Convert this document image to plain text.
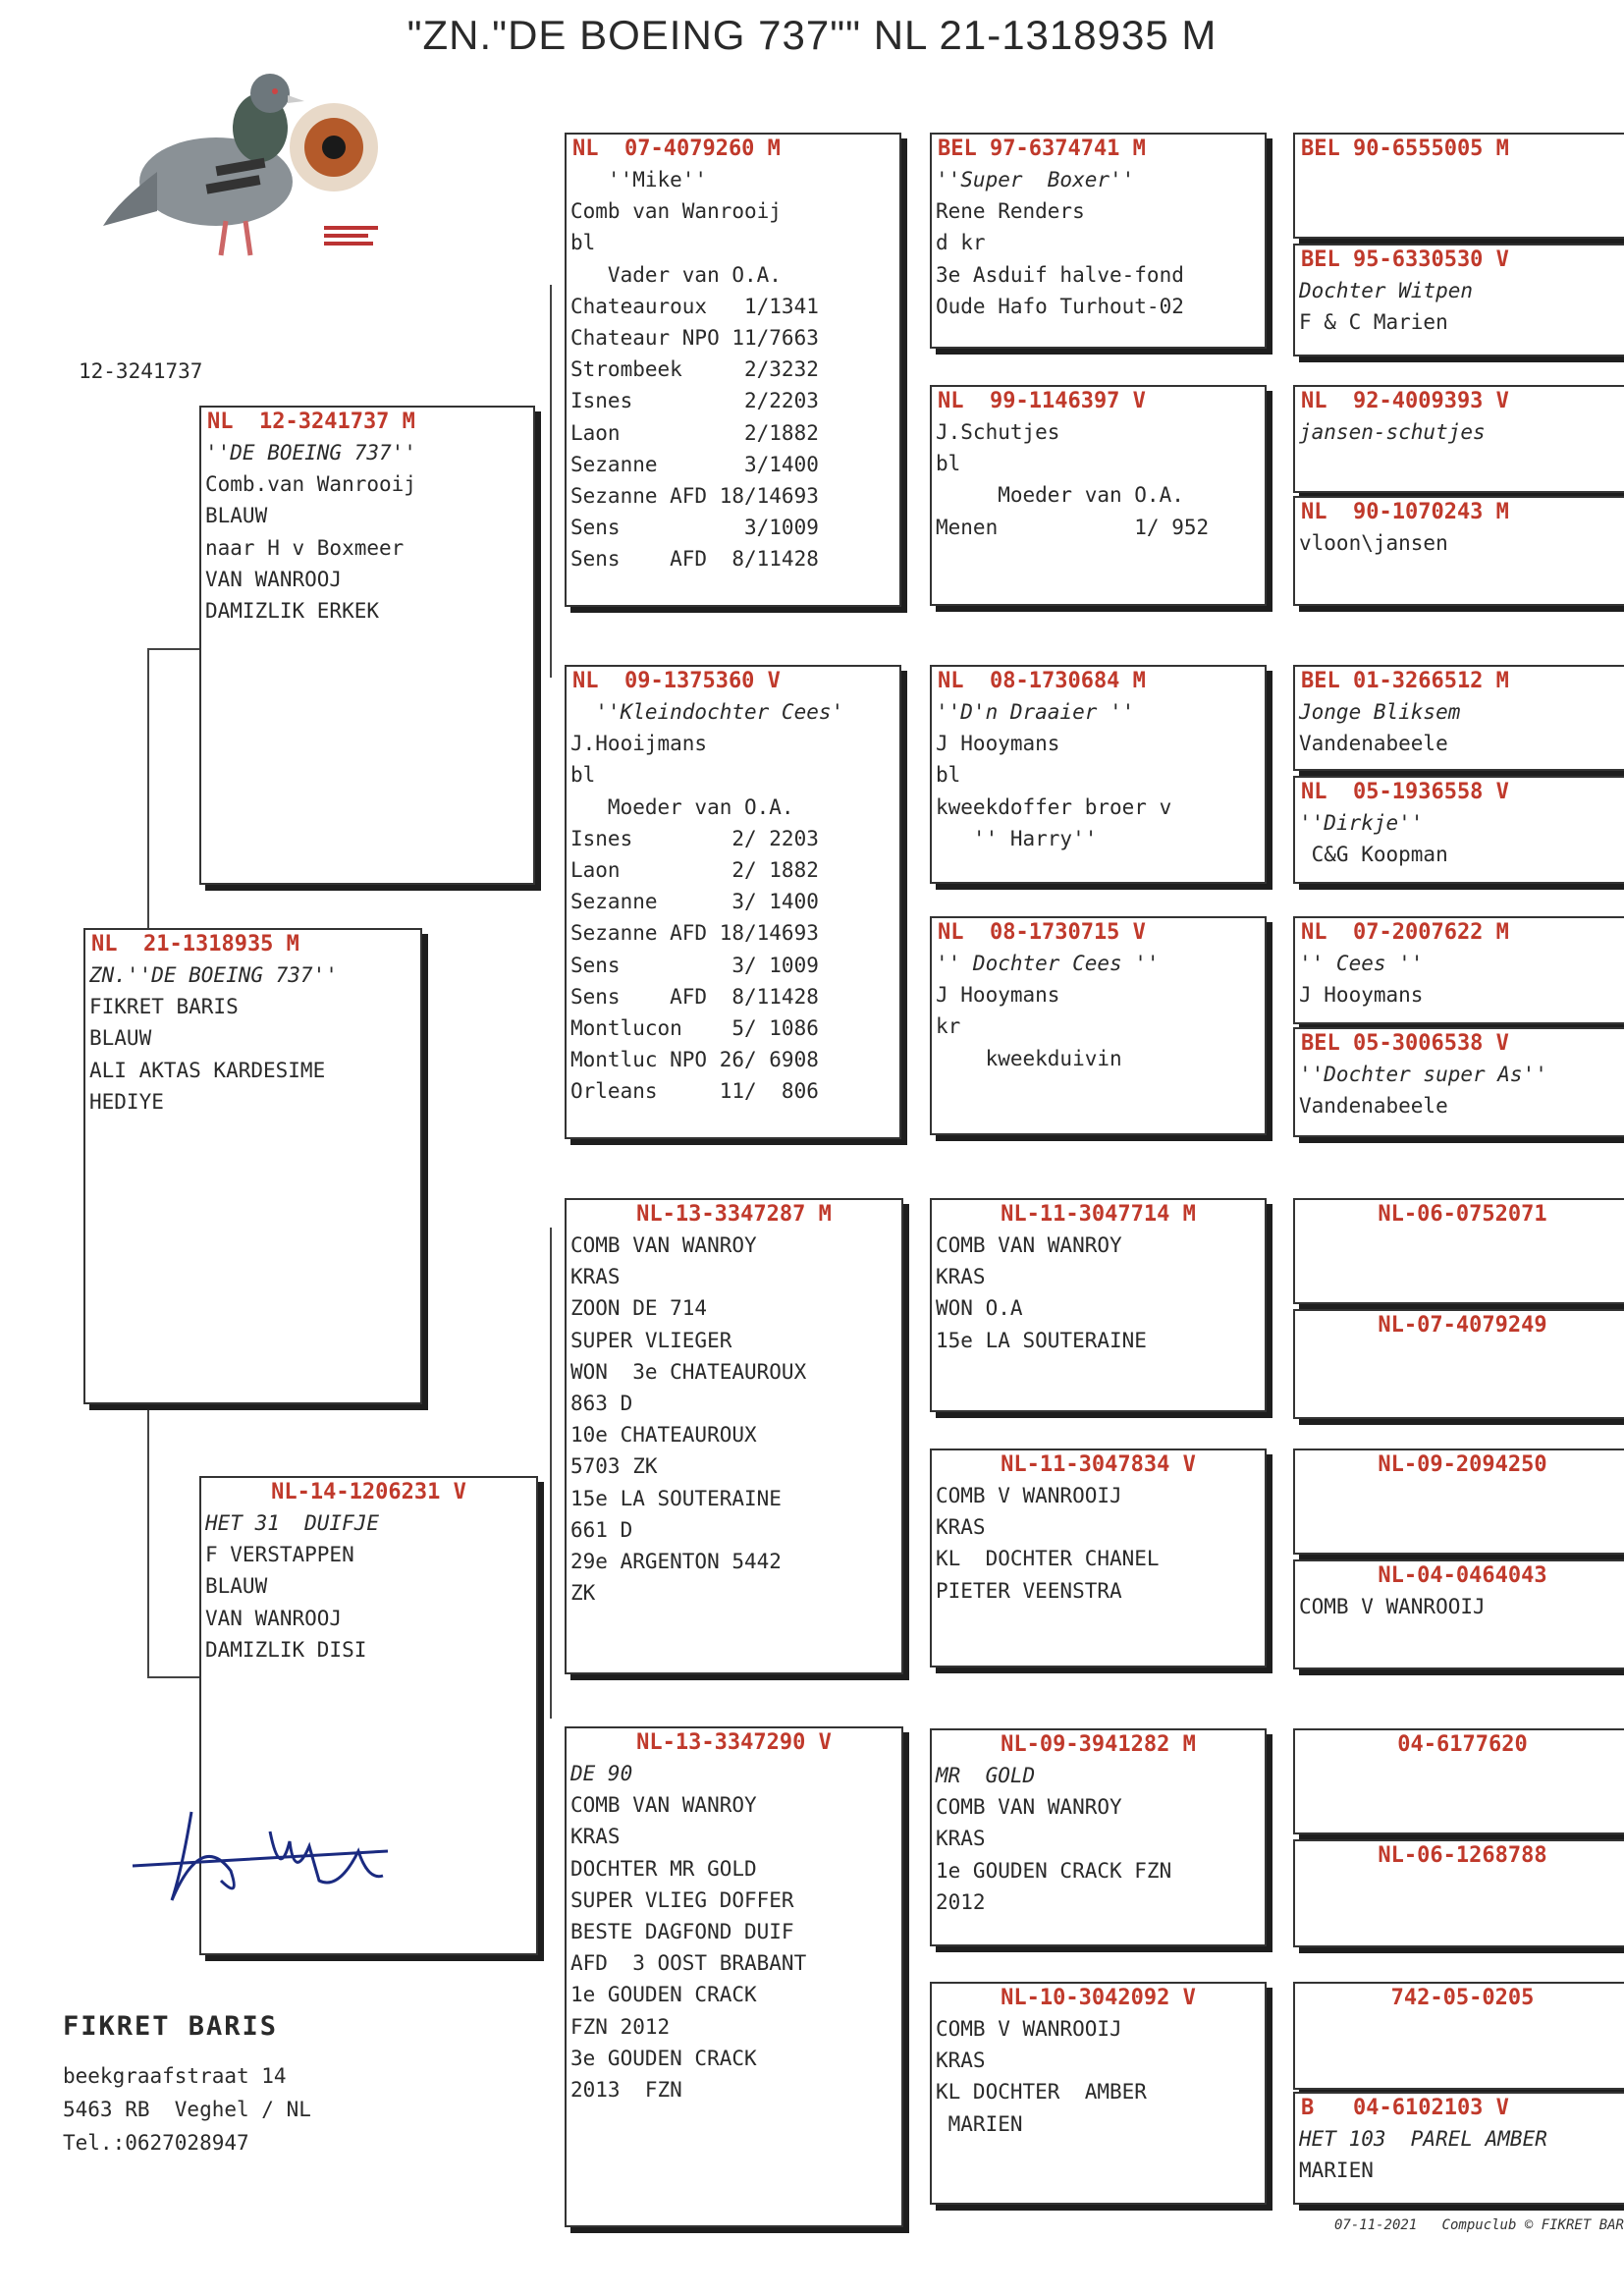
"ZN."DE BOEING 737"" NL 21-1318935 M
12-3241737
NL  21-1318935 M
ZN.''DE BOEING 737''
FIKRET BARIS
BLAUW
ALI AKTAS KARDESIME
HEDIYE
NL  12-3241737 M
''DE BOEING 737''
Comb.van Wanrooij
BLAUW
naar H v Boxmeer
VAN WANROOJ
DAMIZLIK ERKEK
NL-14-1206231 V
HET 31  DUIFJE
F VERSTAPPEN
BLAUW
VAN WANROOJ
DAMIZLIK DISI
NL  07-4079260 M
''Mike''
Comb van Wanrooij
bl
Vader van O.A.
Chateauroux   1/1341
Chateaur NPO 11/7663
Strombeek     2/3232
Isnes         2/2203
Laon          2/1882
Sezanne       3/1400
Sezanne AFD 18/14693
Sens          3/1009
Sens    AFD  8/11428
NL  09-1375360 V
''Kleindochter Cees'
J.Hooijmans
bl
Moeder van O.A.
Isnes        2/ 2203
Laon         2/ 1882
Sezanne      3/ 1400
Sezanne AFD 18/14693
Sens         3/ 1009
Sens    AFD  8/11428
Montlucon    5/ 1086
Montluc NPO 26/ 6908
Orleans     11/  806
NL-13-3347287 M
COMB VAN WANROY
KRAS
ZOON DE 714
SUPER VLIEGER
WON  3e CHATEAUROUX
863 D
10e CHATEAUROUX
5703 ZK
15e LA SOUTERAINE
661 D
29e ARGENTON 5442
ZK
NL-13-3347290 V
DE 90
COMB VAN WANROY
KRAS
DOCHTER MR GOLD
SUPER VLIEG DOFFER
BESTE DAGFOND DUIF
AFD  3 OOST BRABANT
1e GOUDEN CRACK
FZN 2012
3e GOUDEN CRACK
2013  FZN
BEL 97-6374741 M
''Super  Boxer''
Rene Renders
d kr
3e Asduif halve-fond
Oude Hafo Turhout-02
NL  99-1146397 V
J.Schutjes
bl
Moeder van O.A.
Menen           1/ 952
NL  08-1730684 M
''D'n Draaier ''
J Hooymans
bl
kweekdoffer broer v
'' Harry''
NL  08-1730715 V
'' Dochter Cees ''
J Hooymans
kr
kweekduivin
NL-11-3047714 M
COMB VAN WANROY
KRAS
WON O.A
15e LA SOUTERAINE
NL-11-3047834 V
COMB V WANROOIJ
KRAS
KL  DOCHTER CHANEL
PIETER VEENSTRA
NL-09-3941282 M
MR  GOLD
COMB VAN WANROY
KRAS
1e GOUDEN CRACK FZN
2012
NL-10-3042092 V
COMB V WANROOIJ
KRAS
KL DOCHTER  AMBER
MARIEN
BEL 90-6555005 M
BEL 95-6330530 V
Dochter Witpen
F & C Marien
NL  92-4009393 V
jansen-schutjes
NL  90-1070243 M
vloon\jansen
BEL 01-3266512 M
Jonge Bliksem
Vandenabeele
NL  05-1936558 V
''Dirkje''
C&G Koopman
NL  07-2007622 M
'' Cees ''
J Hooymans
BEL 05-3006538 V
''Dochter super As''
Vandenabeele
NL-06-0752071
NL-07-4079249
NL-09-2094250
NL-04-0464043
COMB V WANROOIJ
04-6177620
NL-06-1268788
742-05-0205
B   04-6102103 V
HET 103  PAREL AMBER
MARIEN
FIKRET BARIS
beekgraafstraat 14
5463 RB  Veghel / NL
Tel.:0627028947
07-11-2021   Compuclub © FIKRET BAR
